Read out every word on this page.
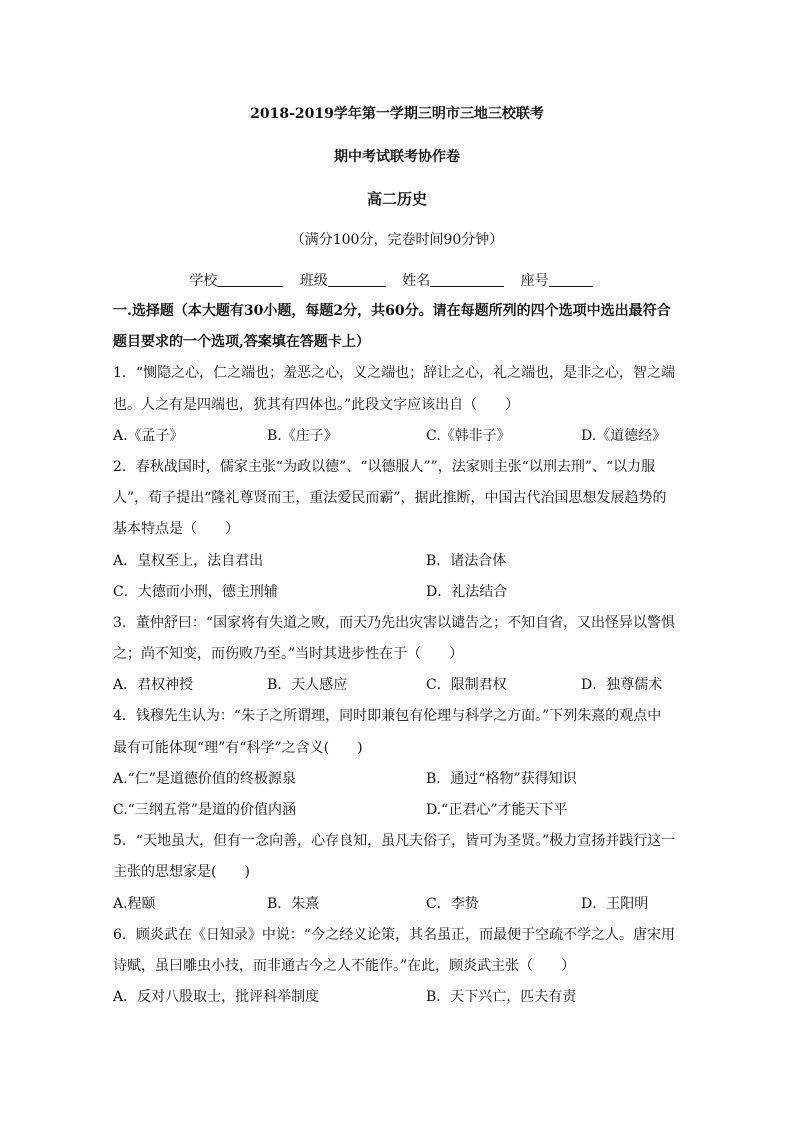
2018-2019学年第一学期三明市三地三校联考
期中考试联考协作卷
高二历史
（满分100分，完卷时间90分钟）
学校	班级	姓名	座号
一.选择题（本大题有30小题，每题2分，共60分。请在每题所列的四个选项中选出最符合
题目要求的一个选项,答案填在答题卡上）
1．“恻隐之心，仁之端也；羞恶之心，义之端也；辞让之心，礼之端也，是非之心，智之端
也。人之有是四端也，犹其有四体也。”此段文字应该出自（　　）
A.《孟子》	B.《庄子》	C.《韩非子》	D.《道德经》
2．春秋战国时，儒家主张“为政以德”、“以德服人””，法家则主张“以刑去刑”、“以力服
人”，荀子提出“隆礼尊贤而王，重法爱民而霸”，据此推断，中国古代治国思想发展趋势的
基本特点是（　　）
A．皇权至上，法自君出	B．诸法合体
C．大德而小刑，德主刑辅	D．礼法结合
3．董仲舒曰：“国家将有失道之败，而天乃先出灾害以谴告之；不知自省，又出怪异以警惧
之；尚不知变，而伤败乃至。”当时其进步性在于（　　）
A．君权神授	B．天人感应	C．限制君权	D．独尊儒术
4．钱穆先生认为：“朱子之所谓理，同时即兼包有伦理与科学之方面。”下列朱熹的观点中
最有可能体现“理”有“科学”之含义(　　)
A.“仁”是道德价值的终极源泉	B．通过“格物”获得知识
C.“三纲五常”是道的价值内涵	D.“正君心”才能天下平
5．“天地虽大，但有一念向善，心存良知，虽凡夫俗子，皆可为圣贤。”极力宣扬并践行这一
主张的思想家是(　　)
A.程颐	B．朱熹	C．李贽	D．王阳明
6．顾炎武在《日知录》中说：“今之经义论策，其名虽正，而最便于空疏不学之人。唐宋用
诗赋，虽曰雕虫小技，而非通古今之人不能作。”在此，顾炎武主张（　　）
A．反对八股取士，批评科举制度	B．天下兴亡，匹夫有责
